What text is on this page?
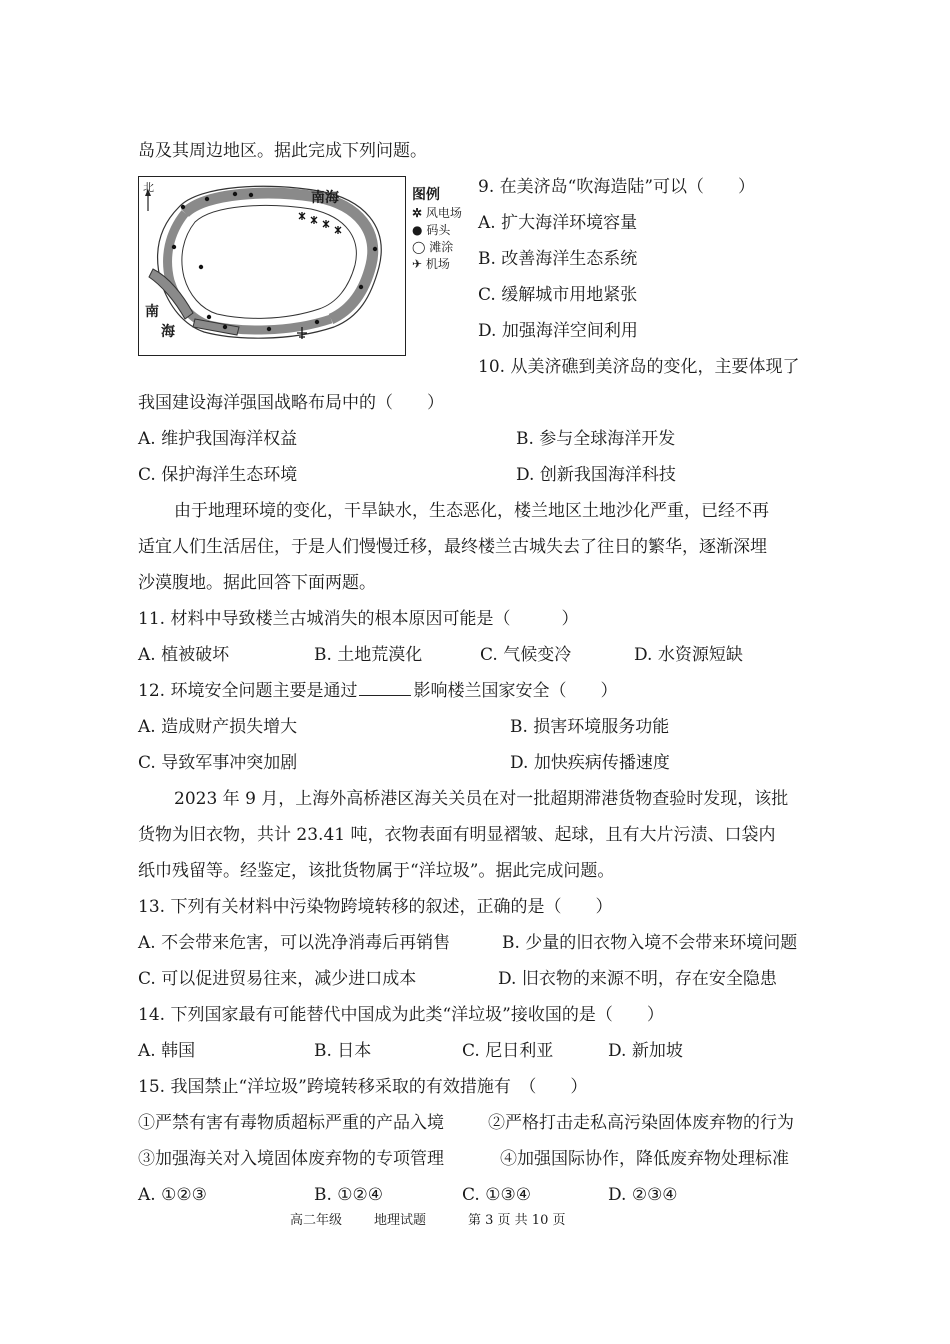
岛及其周边地区。据此完成下列问题。
北
南海
南
海
图例
✲ 风电场
● 码头
◯ 滩涂
✈ 机场
9. 在美济岛“吹海造陆”可以（　　）
A. 扩大海洋环境容量
B. 改善海洋生态系统
C. 缓解城市用地紧张
D. 加强海洋空间利用
10. 从美济礁到美济岛的变化，主要体现了
我国建设海洋强国战略布局中的（　　）
A. 维护我国海洋权益	B. 参与全球海洋开发
C. 保护海洋生态环境	D. 创新我国海洋科技
由于地理环境的变化，干旱缺水，生态恶化，楼兰地区土地沙化严重，已经不再
适宜人们生活居住，于是人们慢慢迁移，最终楼兰古城失去了往日的繁华，逐渐深埋
沙漠腹地。据此回答下面两题。
11. 材料中导致楼兰古城消失的根本原因可能是（　　　）
A. 植被破坏	B. 土地荒漠化	C. 气候变冷	D. 水资源短缺
12. 环境安全问题主要是通过	影响楼兰国家安全（　　）
A. 造成财产损失增大	B. 损害环境服务功能
C. 导致军事冲突加剧	D. 加快疾病传播速度
2023 年 9 月，上海外高桥港区海关关员在对一批超期滞港货物查验时发现，该批
货物为旧衣物，共计 23.41 吨，衣物表面有明显褶皱、起球，且有大片污渍、口袋内
纸巾残留等。经鉴定，该批货物属于“洋垃圾”。据此完成问题。
13. 下列有关材料中污染物跨境转移的叙述，正确的是（　　）
A. 不会带来危害，可以洗净消毒后再销售	B. 少量的旧衣物入境不会带来环境问题
C. 可以促进贸易往来，减少进口成本	D. 旧衣物的来源不明，存在安全隐患
14. 下列国家最有可能替代中国成为此类“洋垃圾”接收国的是（　　）
A. 韩国	B. 日本	C. 尼日利亚	D. 新加坡
15. 我国禁止“洋垃圾”跨境转移采取的有效措施有　（　　）
①严禁有害有毒物质超标严重的产品入境	②严格打击走私高污染固体废弃物的行为
③加强海关对入境固体废弃物的专项管理	④加强国际协作，降低废弃物处理标准
A. ①②③	B. ①②④	C. ①③④	D. ②③④
高二年级 地理试题	第 3 页 共 10 页
